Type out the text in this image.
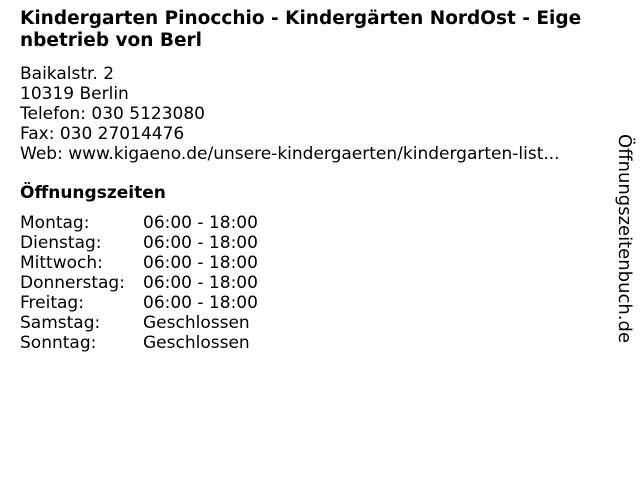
Kindergarten Pinocchio - Kindergärten NordOst - Eigenbetrieb von Berl
Baikalstr. 2
10319 Berlin
Telefon: 030 5123080
Fax: 030 27014476
Web: www.kigaeno.de/unsere-kindergaerten/kindergarten-list...
Öffnungszeiten
Montag:	06:00 - 18:00
Dienstag:	06:00 - 18:00
Mittwoch:	06:00 - 18:00
Donnerstag:	06:00 - 18:00
Freitag:	06:00 - 18:00
Samstag:	Geschlossen
Sonntag:	Geschlossen	Öffnungszeitenbuch.de
